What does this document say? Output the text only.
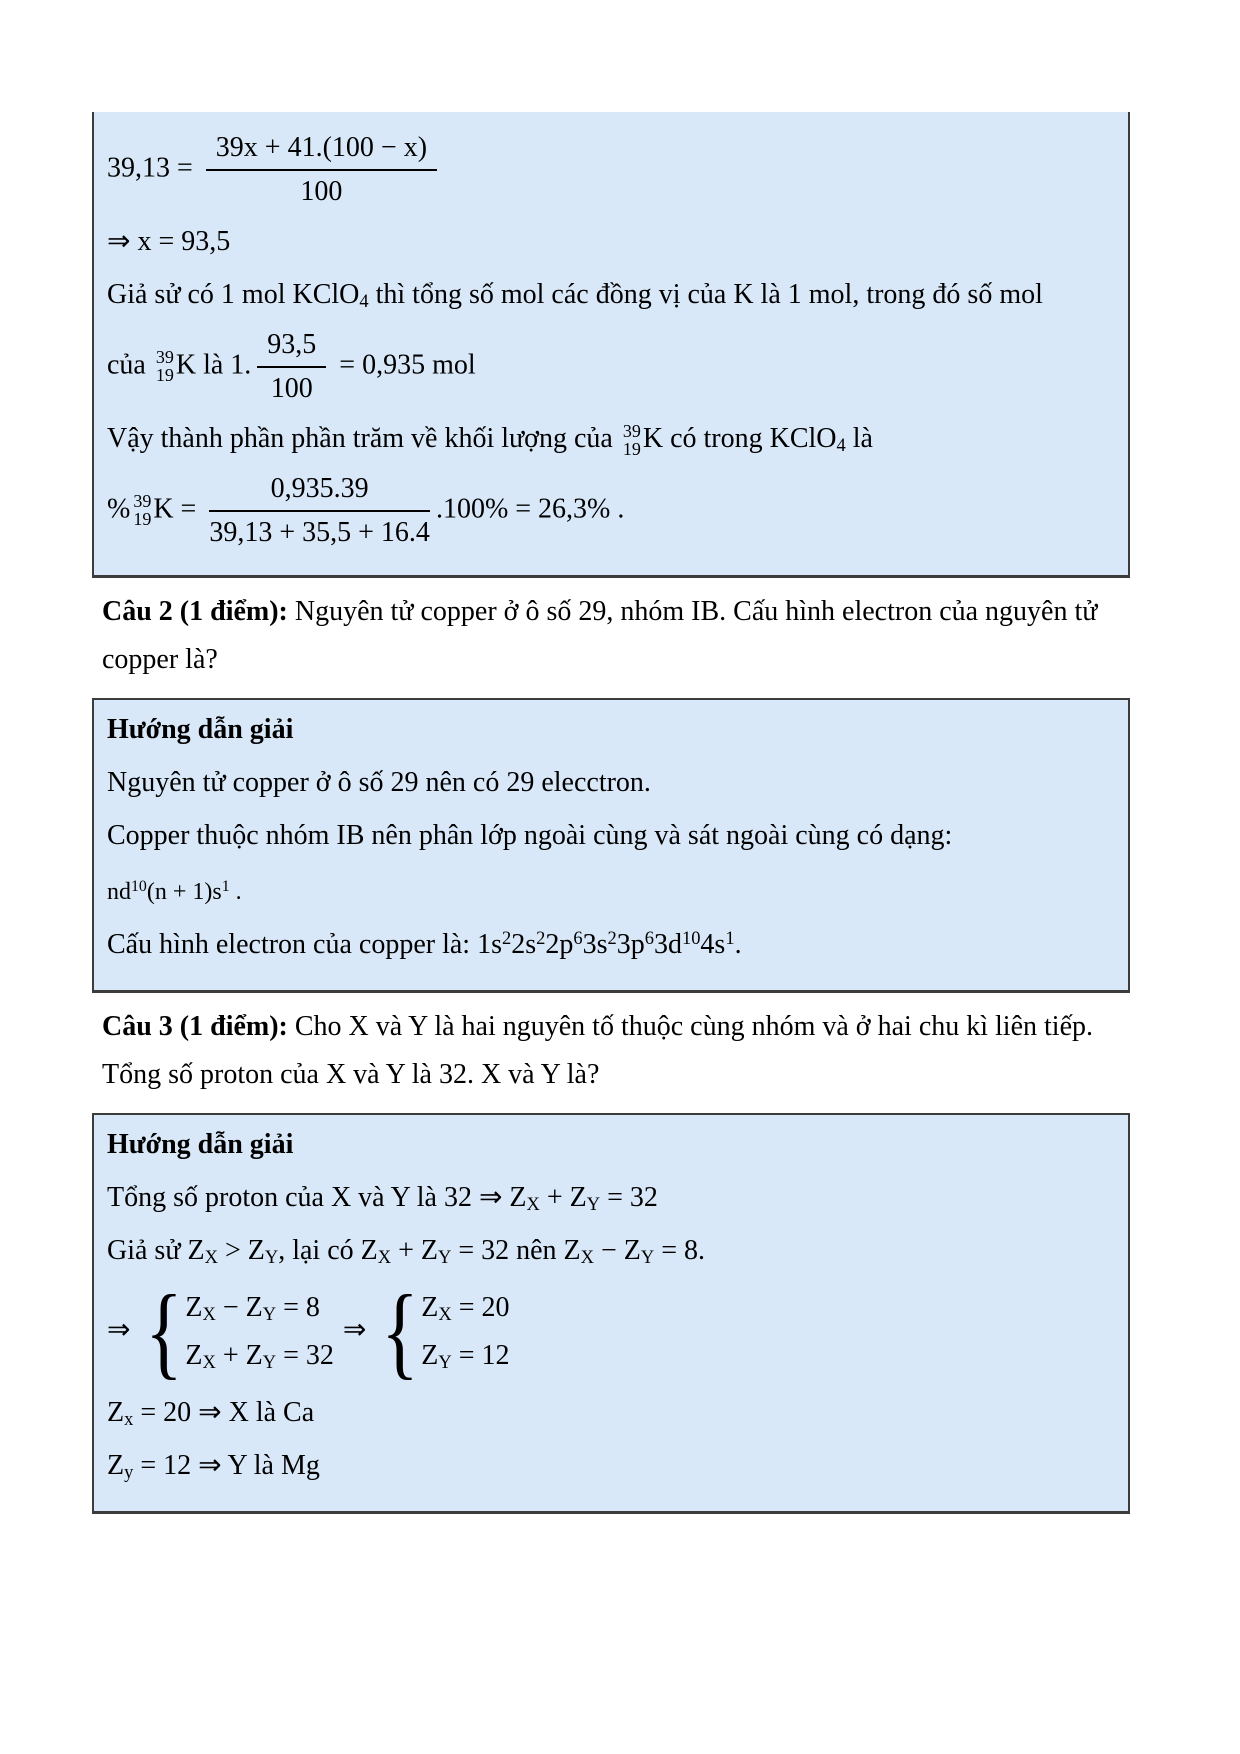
$39,13 = \frac{39x + 41.(100 - x)}{100}$
⇒ x = 93,5
Giả sử có 1 mol KClO$_4$ thì tổng số mol các đồng vị của K là 1 mol, trong đó số mol
của 39
19 K là 1. $\frac{93,5}{100} = 0,935$ mol
Vậy thành phần phần trăm về khối lượng của 39
19 K có trong KClO$_4$ là
% 39
19 $K = \frac{0,935.39}{39,13 + 35,5 + 16.4} .100\% = 26,3\%$ .

Câu 2 (1 điểm): Nguyên tử copper ở ô số 29, nhóm IB. Cấu hình electron của nguyên tử copper là?

Hướng dẫn giải
Nguyên tử copper ở ô số 29 nên có 29 elecctron.
Copper thuộc nhóm IB nên phân lớp ngoài cùng và sát ngoài cùng có dạng:
$nd^{10}(n + 1)s^1$ .
Cấu hình electron của copper là: $1s^22s^22p^63s^23p^63d^{10}4s^1$.

Câu 3 (1 điểm): Cho X và Y là hai nguyên tố thuộc cùng nhóm và ở hai chu kì liên tiếp. Tổng số proton của X và Y là 32. X và Y là?

Hướng dẫn giải
Tổng số proton của X và Y là 32 ⇒ $Z_X + Z_Y = 32$
Giả sử $Z_X > Z_Y$, lại có $Z_X + Z_Y = 32$ nên $Z_X - Z_Y = 8$.
⇒ { $Z_X - Z_Y = 8$
$Z_X + Z_Y = 32$
⇒ { $Z_X = 20$
$Z_Y = 12$
$Z_x = 20$ ⇒ X là Ca
$Z_y = 12$ ⇒ Y là Mg
